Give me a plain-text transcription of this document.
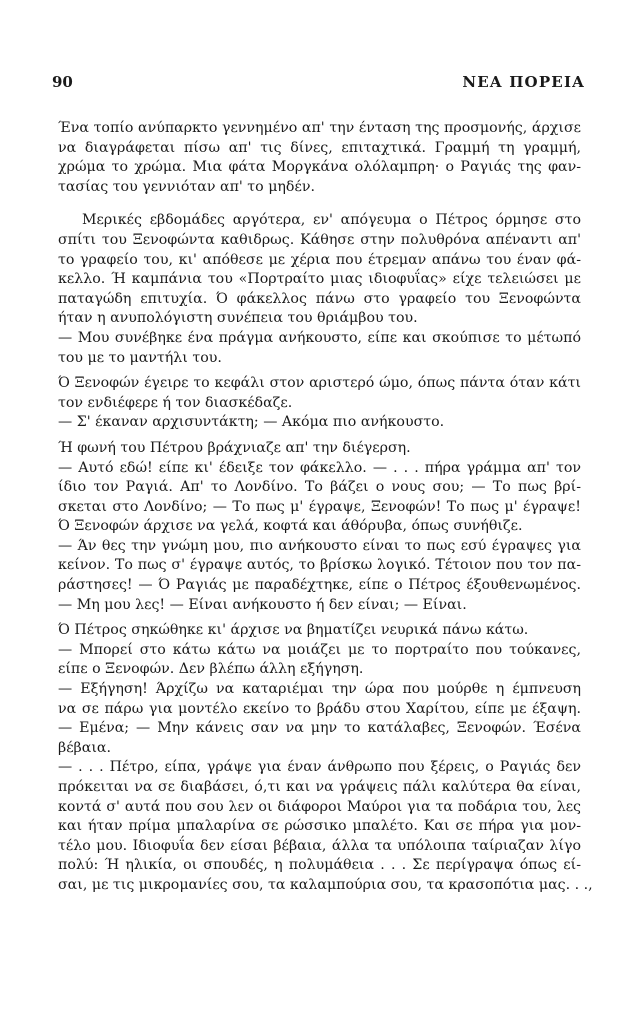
90	ΝΕΑ ΠΟΡΕΙΑ
Ένα τοπίο ανύπαρκτο γεννημένο απ' την ένταση της προσμονής, άρχισε
να διαγράφεται πίσω απ' τις δίνες, επιταχτικά. Γραμμή τη γραμμή,
χρώμα το χρώμα. Μια φάτα Μοργκάνα ολόλαμπρη· ο Ραγιάς της φαν-
τασίας του γεννιόταν απ' το μηδέν.
Μερικές εβδομάδες αργότερα, εν' απόγευμα ο Πέτρος όρμησε στο
σπίτι του Ξενοφώντα καθιδρως. Κάθησε στην πολυθρόνα απέναντι απ'
το γραφείο του, κι' απόθεσε με χέρια που έτρεμαν απάνω του έναν φά-
κελλο. Ή καμπάνια του «Πορτραίτο μιας ιδιοφυΐας» είχε τελειώσει με
παταγώδη επιτυχία. Ό φάκελλος πάνω στο γραφείο του Ξενοφώντα
ήταν η ανυπολόγιστη συνέπεια του θριάμβου του.
— Μου συνέβηκε ένα πράγμα ανήκουστο, είπε και σκούπισε το μέτωπό
του με το μαντήλι του.
Ό Ξενοφών έγειρε το κεφάλι στον αριστερό ώμο, όπως πάντα όταν κάτι
τον ενδιέφερε ή τον διασκέδαζε.
— Σ' έκαναν αρχισυντάκτη; — Ακόμα πιο ανήκουστο.
Ή φωνή του Πέτρου βράχνιαζε απ' την διέγερση.
— Αυτό εδώ! είπε κι' έδειξε τον φάκελλο. — . . . πήρα γράμμα απ' τον
ίδιο τον Ραγιά. Απ' το Λονδίνο. Το βάζει ο νους σου; — Το πως βρί-
σκεται στο Λονδίνο; — Το πως μ' έγραψε, Ξενοφών! Το πως μ' έγραψε!
Ό Ξενοφών άρχισε να γελά, κοφτά και άθόρυβα, όπως συνήθιζε.
— Άν θες την γνώμη μου, πιο ανήκουστο είναι το πως εσύ έγραψες για
κείνον. Το πως σ' έγραψε αυτός, το βρίσκω λογικό. Τέτοιον που τον πα-
ράστησες! — Ό Ραγιάς με παραδέχτηκε, είπε ο Πέτρος έξουθενωμένος.
— Μη μου λες! — Είναι ανήκουστο ή δεν είναι; — Είναι.
Ό Πέτρος σηκώθηκε κι' άρχισε να βηματίζει νευρικά πάνω κάτω.
— Μπορεί στο κάτω κάτω να μοιάζει με το πορτραίτο που τούκανες,
είπε ο Ξενοφών. Δεν βλέπω άλλη εξήγηση.
— Εξήγηση! Άρχίζω να καταριέμαι την ώρα που μούρθε η έμπνευση
να σε πάρω για μοντέλο εκείνο το βράδυ στου Χαρίτου, είπε με έξαψη.
— Εμένα; — Μην κάνεις σαν να μην το κατάλαβες, Ξενοφών. Έσένα
βέβαια.
— . . . Πέτρο, είπα, γράψε για έναν άνθρωπο που ξέρεις, ο Ραγιάς δεν
πρόκειται να σε διαβάσει, ό,τι και να γράψεις πάλι καλύτερα θα είναι,
κοντά σ' αυτά που σου λεν οι διάφοροι Μαύροι για τα ποδάρια του, λες
και ήταν πρίμα μπαλαρίνα σε ρώσσικο μπαλέτο. Και σε πήρα για μον-
τέλο μου. Ιδιοφυΐα δεν είσαι βέβαια, άλλα τα υπόλοιπα ταίριαζαν λίγο
πολύ: Ή ηλικία, οι σπουδές, η πολυμάθεια . . . Σε περίγραψα όπως εί-
σαι, με τις μικρομανίες σου, τα καλαμπούρια σου, τα κρασοπότια μας. . .,
